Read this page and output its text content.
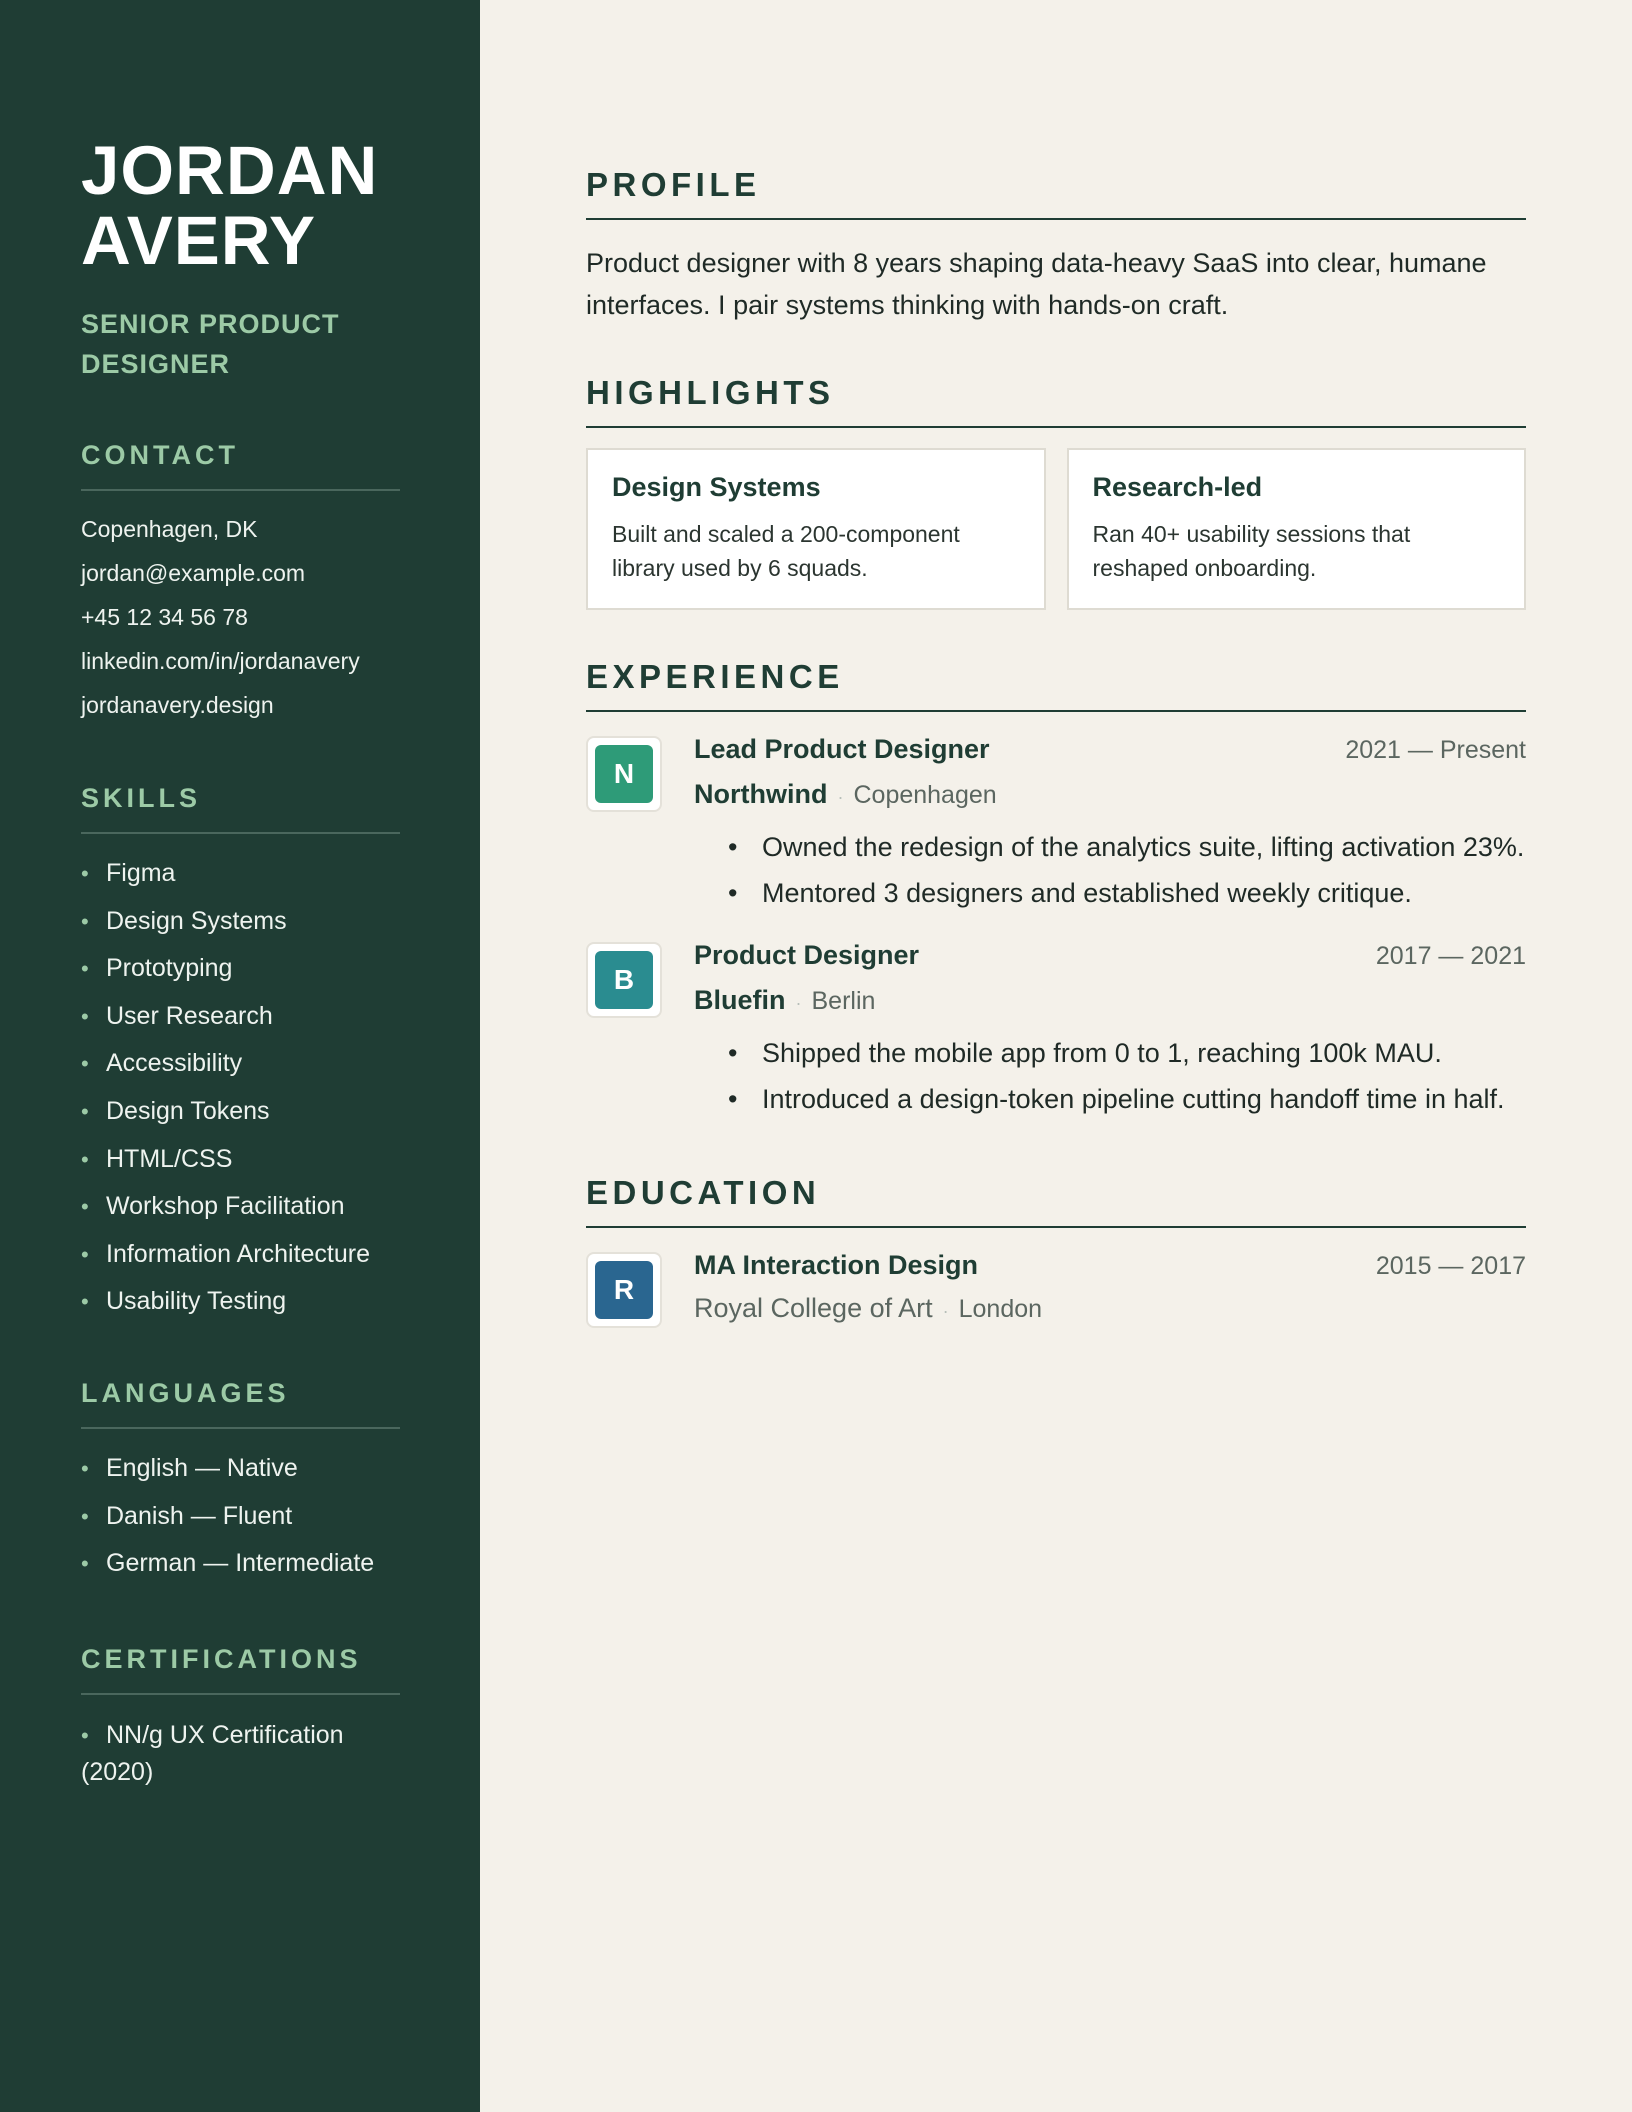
JORDAN
AVERY
SENIOR PRODUCT
DESIGNER
CONTACT
Copenhagen, DK
jordan@example.com
+45 12 34 56 78
linkedin.com/in/jordanavery
jordanavery.design
SKILLS
• Figma
• Design Systems
• Prototyping
• User Research
• Accessibility
• Design Tokens
• HTML/CSS
• Workshop Facilitation
• Information Architecture
• Usability Testing
LANGUAGES
• English — Native
• Danish — Fluent
• German — Intermediate
CERTIFICATIONS
• NN/g UX Certification (2020)
PROFILE
Product designer with 8 years shaping data-heavy SaaS into clear, humane interfaces. I pair systems thinking with hands-on craft.
HIGHLIGHTS
Design Systems
Built and scaled a 200-component library used by 6 squads.
Research-led
Ran 40+ usability sessions that reshaped onboarding.
EXPERIENCE
N
Lead Product Designer	2021 — Present
Northwind · Copenhagen
• Owned the redesign of the analytics suite, lifting activation 23%.
• Mentored 3 designers and established weekly critique.
B
Product Designer	2017 — 2021
Bluefin · Berlin
• Shipped the mobile app from 0 to 1, reaching 100k MAU.
• Introduced a design-token pipeline cutting handoff time in half.
EDUCATION
R
MA Interaction Design	2015 — 2017
Royal College of Art · London
